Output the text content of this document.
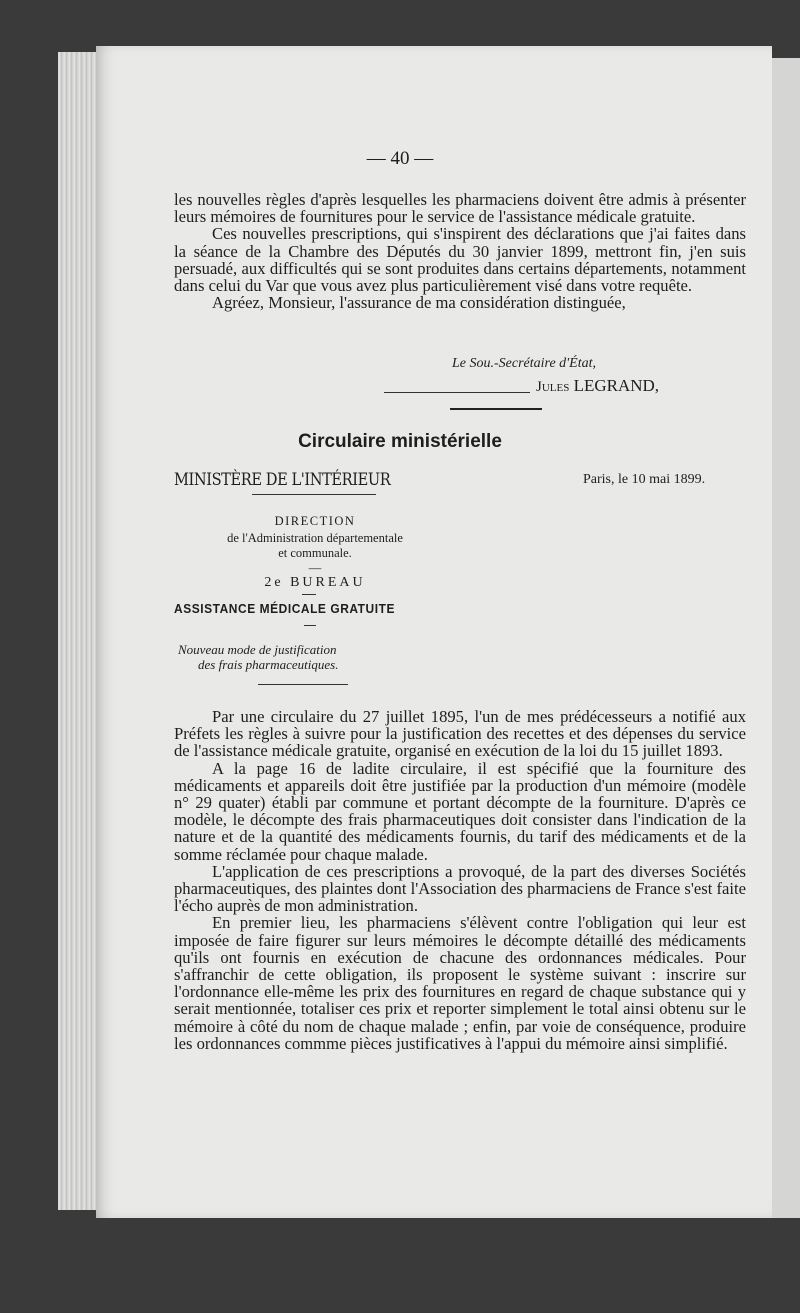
— 40 —

les nouvelles règles d'après lesquelles les pharmaciens doivent être admis à présenter leurs mémoires de fournitures pour le service de l'assistance médicale gratuite.

Ces nouvelles prescriptions, qui s'inspirent des déclarations que j'ai faites dans la séance de la Chambre des Députés du 30 janvier 1899, mettront fin, j'en suis persuadé, aux difficultés qui se sont produites dans certains départements, notamment dans celui du Var que vous avez plus particulièrement visé dans votre requête.

Agréez, Monsieur, l'assurance de ma considération distinguée,

Le Sou.-Secrétaire d'État,
Jules LEGRAND,
Circulaire ministérielle
MINISTÈRE DE L'INTÉRIEUR	Paris, le 10 mai 1899.
DIRECTION
de l'Administration départementale
et communale.
—
2e BUREAU
ASSISTANCE MÉDICALE GRATUITE
Nouveau mode de justification
des frais pharmaceutiques.

Par une circulaire du 27 juillet 1895, l'un de mes prédécesseurs a notifié aux Préfets les règles à suivre pour la justification des recettes et des dépenses du service de l'assistance médicale gratuite, organisé en exécution de la loi du 15 juillet 1893.

A la page 16 de ladite circulaire, il est spécifié que la fourniture des médicaments et appareils doit être justifiée par la production d'un mémoire (modèle n° 29 quater) établi par commune et portant décompte de la fourniture. D'après ce modèle, le décompte des frais pharmaceutiques doit consister dans l'indication de la nature et de la quantité des médicaments fournis, du tarif des médicaments et de la somme réclamée pour chaque malade.

L'application de ces prescriptions a provoqué, de la part des diverses Sociétés pharmaceutiques, des plaintes dont l'Association des pharmaciens de France s'est faite l'écho auprès de mon administration.

En premier lieu, les pharmaciens s'élèvent contre l'obligation qui leur est imposée de faire figurer sur leurs mémoires le décompte détaillé des médicaments qu'ils ont fournis en exécution de chacune des ordonnances médicales. Pour s'affranchir de cette obligation, ils proposent le système suivant : inscrire sur l'ordonnance elle-même les prix des fournitures en regard de chaque substance qui y serait mentionnée, totaliser ces prix et reporter simplement le total ainsi obtenu sur le mémoire à côté du nom de chaque malade ; enfin, par voie de conséquence, produire les ordonnances commme pièces justificatives à l'appui du mémoire ainsi simplifié.
